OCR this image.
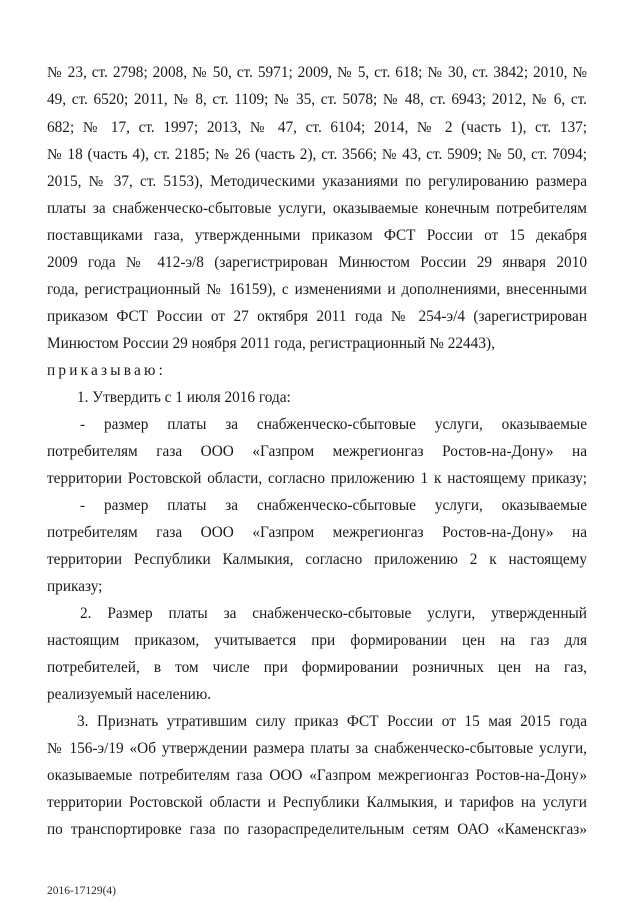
№ 23, ст. 2798; 2008, № 50, ст. 5971; 2009, № 5, ст. 618; № 30, ст. 3842; 2010, №
49, ст. 6520; 2011, № 8, ст. 1109; № 35, ст. 5078; № 48, ст. 6943; 2012, № 6, ст.
682; № 17, ст. 1997; 2013, № 47, ст. 6104; 2014, № 2 (часть 1), ст. 137;
№ 18 (часть 4), ст. 2185; № 26 (часть 2), ст. 3566; № 43, ст. 5909; № 50, ст. 7094;
2015, № 37, ст. 5153), Методическими указаниями по регулированию размера
платы за снабженческо-сбытовые услуги, оказываемые конечным потребителям
поставщиками газа, утвержденными приказом ФСТ России от 15 декабря
2009 года № 412-э/8 (зарегистрирован Минюстом России 29 января 2010
года, регистрационный № 16159), с изменениями и дополнениями, внесенными
приказом ФСТ России от 27 октября 2011 года № 254-э/4 (зарегистрирован
Минюстом России 29 ноября 2011 года, регистрационный № 22443),
приказываю:
1. Утвердить с 1 июля 2016 года:
- размер платы за снабженческо-сбытовые услуги, оказываемые
потребителям газа ООО «Газпром межрегионгаз Ростов-на-Дону» на
территории Ростовской области, согласно приложению 1 к настоящему приказу;
- размер платы за снабженческо-сбытовые услуги, оказываемые
потребителям газа ООО «Газпром межрегионгаз Ростов-на-Дону» на
территории Республики Калмыкия, согласно приложению 2 к настоящему
приказу;
2. Размер платы за снабженческо-сбытовые услуги, утвержденный
настоящим приказом, учитывается при формировании цен на газ для
потребителей, в том числе при формировании розничных цен на газ,
реализуемый населению.
3. Признать утратившим силу приказ ФСТ России от 15 мая 2015 года
№ 156-э/19 «Об утверждении размера платы за снабженческо-сбытовые услуги,
оказываемые потребителям газа ООО «Газпром межрегионгаз Ростов-на-Дону»
территории Ростовской области и Республики Калмыкия, и тарифов на услуги
по транспортировке газа по газораспределительным сетям ОАО «Каменскгаз»
2016-17129(4)
